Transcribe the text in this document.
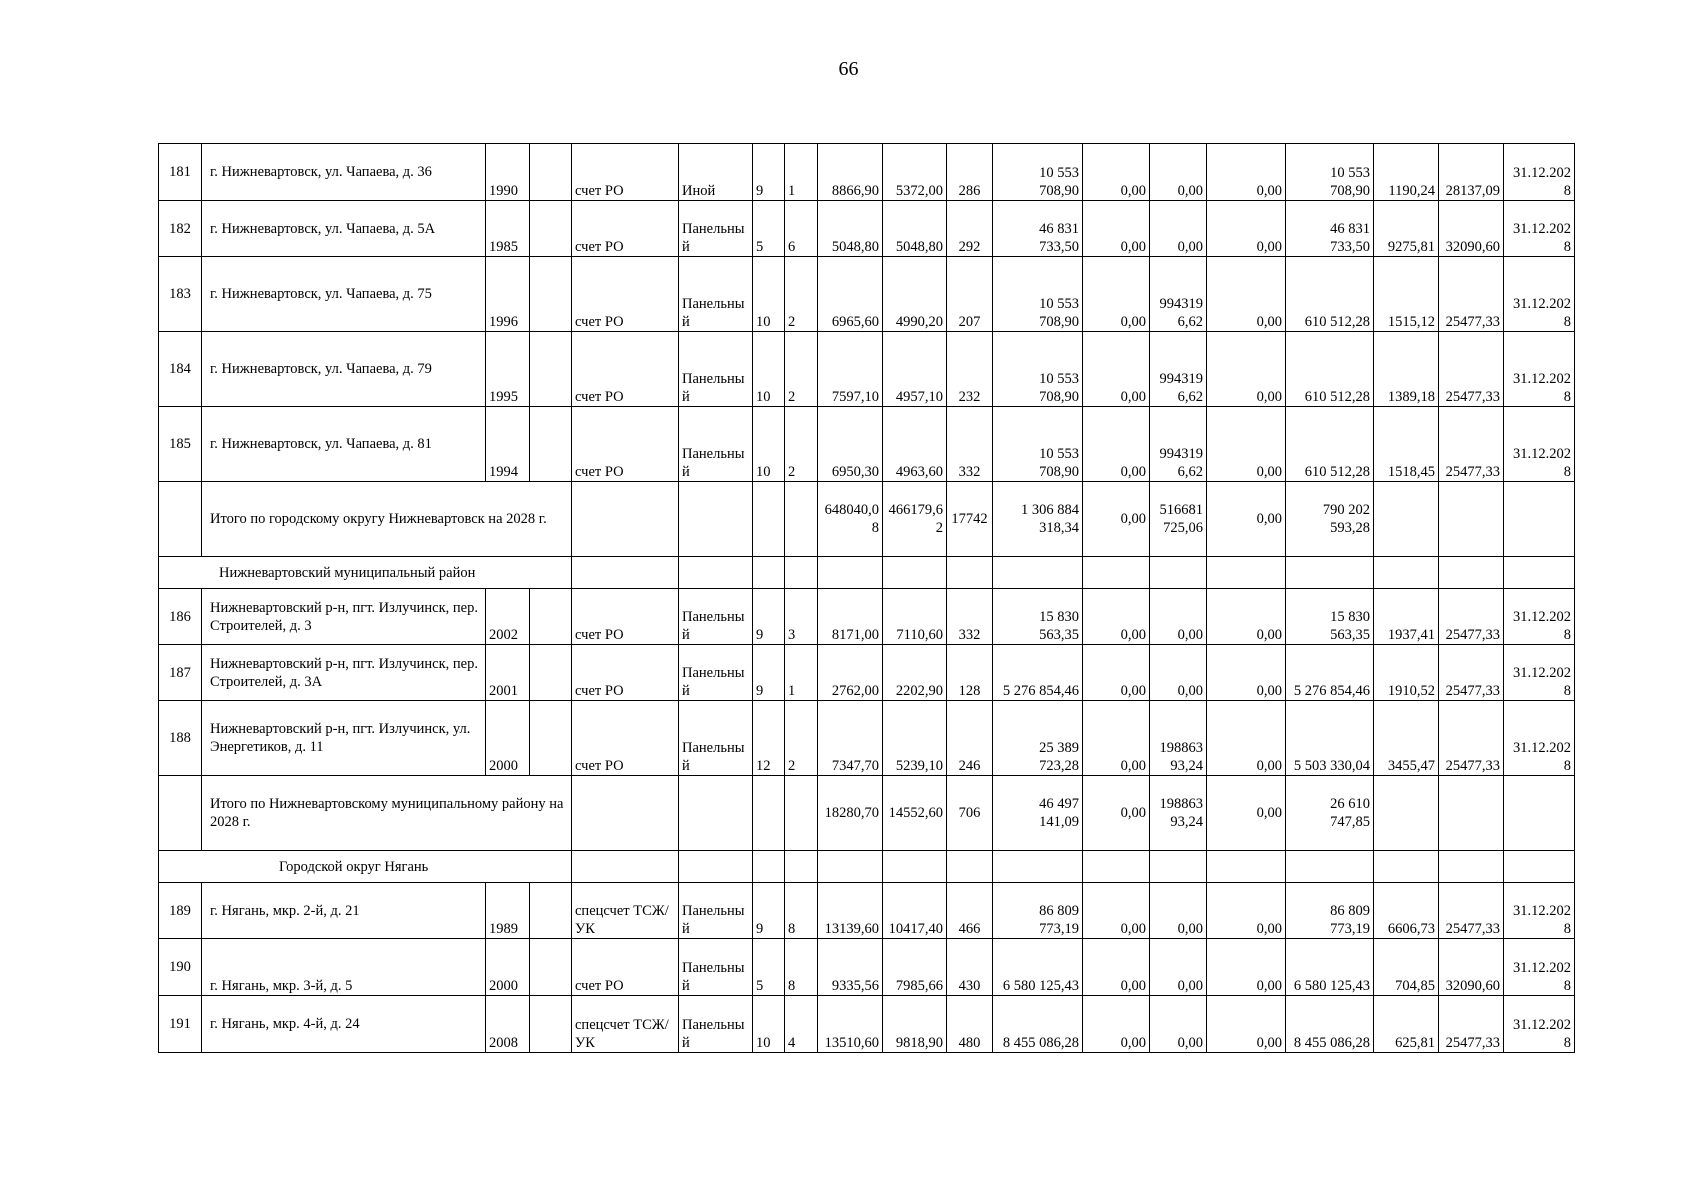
66
181	г. Нижневартовск, ул. Чапаева, д. 36	1990		счет РО	Иной	9	1	8866,90	5372,00	286	10 553 708,90	0,00	0,00	0,00	10 553 708,90	1190,24	28137,09	31.12.2028
182	г. Нижневартовск, ул. Чапаева, д. 5А	1985		счет РО	Панельный	5	6	5048,80	5048,80	292	46 831 733,50	0,00	0,00	0,00	46 831 733,50	9275,81	32090,60	31.12.2028
183	г. Нижневартовск, ул. Чапаева, д. 75	1996		счет РО	Панельный	10	2	6965,60	4990,20	207	10 553 708,90	0,00	9943196,62	0,00	610 512,28	1515,12	25477,33	31.12.2028
184	г. Нижневартовск, ул. Чапаева, д. 79	1995		счет РО	Панельный	10	2	7597,10	4957,10	232	10 553 708,90	0,00	9943196,62	0,00	610 512,28	1389,18	25477,33	31.12.2028
185	г. Нижневартовск, ул. Чапаева, д. 81	1994		счет РО	Панельный	10	2	6950,30	4963,60	332	10 553 708,90	0,00	9943196,62	0,00	610 512,28	1518,45	25477,33	31.12.2028
	Итого по городскому округу Нижневартовск на 2028 г.							648040,08	466179,62	17742	1 306 884 318,34	0,00	516681725,06	0,00	790 202 593,28			
Нижневартовский муниципальный район																		
186	Нижневартовский р-н, пгт. Излучинск, пер. Строителей, д. 3	2002		счет РО	Панельный	9	3	8171,00	7110,60	332	15 830 563,35	0,00	0,00	0,00	15 830 563,35	1937,41	25477,33	31.12.2028
187	Нижневартовский р-н, пгт. Излучинск, пер. Строителей, д. 3А	2001		счет РО	Панельный	9	1	2762,00	2202,90	128	5 276 854,46	0,00	0,00	0,00	5 276 854,46	1910,52	25477,33	31.12.2028
188	Нижневартовский р-н, пгт. Излучинск, ул. Энергетиков, д. 11	2000		счет РО	Панельный	12	2	7347,70	5239,10	246	25 389 723,28	0,00	19886393,24	0,00	5 503 330,04	3455,47	25477,33	31.12.2028
	Итого по Нижневартовскому муниципальному району на 2028 г.							18280,70	14552,60	706	46 497 141,09	0,00	19886393,24	0,00	26 610 747,85			
Городской округ Нягань																		
189	г. Нягань, мкр. 2-й, д. 21	1989		спецсчет ТСЖ/УК	Панельный	9	8	13139,60	10417,40	466	86 809 773,19	0,00	0,00	0,00	86 809 773,19	6606,73	25477,33	31.12.2028
190	г. Нягань, мкр. 3-й, д. 5	2000		счет РО	Панельный	5	8	9335,56	7985,66	430	6 580 125,43	0,00	0,00	0,00	6 580 125,43	704,85	32090,60	31.12.2028
191	г. Нягань, мкр. 4-й, д. 24	2008		спецсчет ТСЖ/УК	Панельный	10	4	13510,60	9818,90	480	8 455 086,28	0,00	0,00	0,00	8 455 086,28	625,81	25477,33	31.12.2028
